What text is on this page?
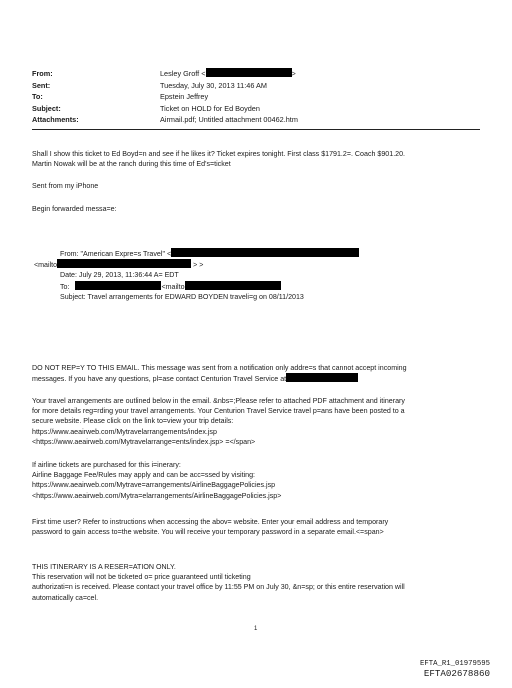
From:	Lesley Groff <	>
Sent:	Tuesday, July 30, 2013 11:46 AM
To:	Epstein Jeffrey
Subject:	Ticket on HOLD for Ed Boyden
Attachments:	Airmail.pdf; Untitled attachment 00462.htm
Shall I show this ticket to Ed Boyd=n and see if he likes it? Ticket expires tonight. First class $1791.2=. Coach $901.20.
Martin Nowak will be at the ranch during this time of Ed's=ticket
Sent from my iPhone
Begin forwarded messa=e:
From: "American Expre=s Travel" <
<mailto	> >
Date: July 29, 2013, 11:36:44 A= EDT
To:	<mailto
Subject: Travel arrangements for EDWARD BOYDEN traveli=g on 08/11/2013
DO NOT REP=Y TO THIS EMAIL. This message was sent from a notification only addre=s that cannot accept incoming
messages. If you have any questions, pl=ase contact Centurion Travel Service at
Your travel arrangements are outlined below in the email. &nbs=;Please refer to attached PDF attachment and itinerary
for more details reg=rding your travel arrangements. Your Centurion Travel Service travel p=ans have been posted to a
secure website. Please click on the link to=view your trip details:
https://www.aeairweb.com/Mytravelarrangements/index.jsp
<https://www.aeairweb.com/Mytravelarrange=ents/index.jsp> =</span>
If airline tickets are purchased for this i=inerary:
Airline Baggage Fee/Rules may apply and can be acc=ssed by visiting:
https://www.aeairweb.com/Mytrave=arrangements/AirlineBaggagePolicies.jsp
<https://www.aeairweb.com/Mytra=elarrangements/AirlineBaggagePolicies.jsp>
First time user? Refer to instructions when accessing the abov= website. Enter your email address and temporary
password to gain access to=the website. You will receive your temporary password in a separate email.<=span>
THIS ITINERARY IS A RESER=ATION ONLY.
This reservation will not be ticketed o= price guaranteed until ticketing
authorizati=n is received. Please contact your travel office by 11:55 PM on July 30, &n=sp; or this entire reservation will
automatically ca=cel.
1
EFTA_R1_01979595
EFTA02678860
